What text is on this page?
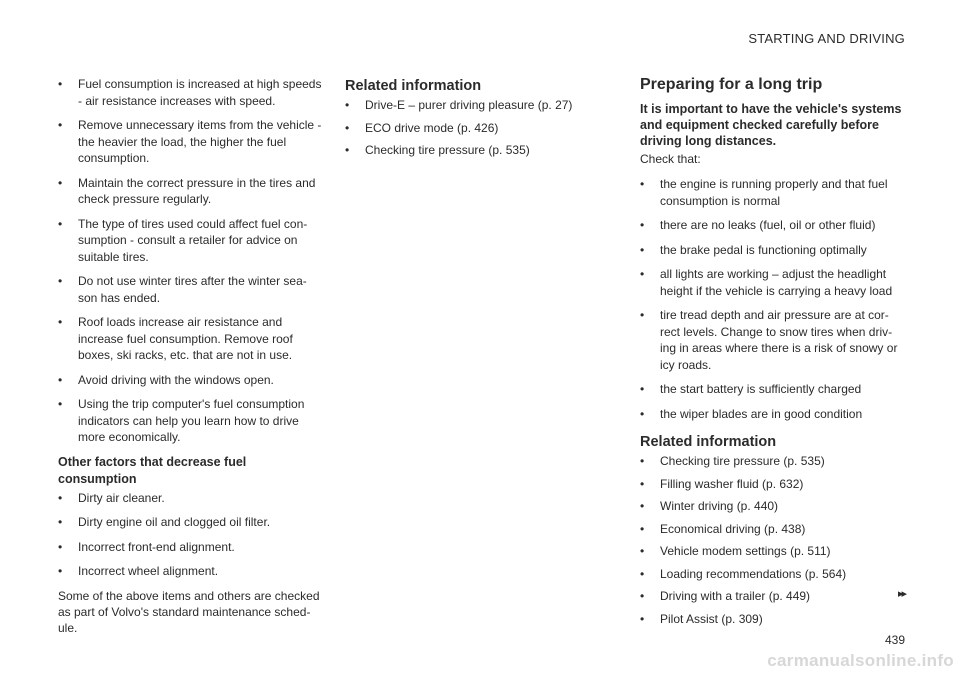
STARTING AND DRIVING
• Fuel consumption is increased at high speeds - air resistance increases with speed.
• Remove unnecessary items from the vehicle - the heavier the load, the higher the fuel consumption.
• Maintain the correct pressure in the tires and check pressure regularly.
• The type of tires used could affect fuel con-sumption - consult a retailer for advice on suitable tires.
• Do not use winter tires after the winter sea-son has ended.
• Roof loads increase air resistance and increase fuel consumption. Remove roof boxes, ski racks, etc. that are not in use.
• Avoid driving with the windows open.
• Using the trip computer's fuel consumption indicators can help you learn how to drive more economically.
Other factors that decrease fuel consumption
• Dirty air cleaner.
• Dirty engine oil and clogged oil filter.
• Incorrect front-end alignment.
• Incorrect wheel alignment.

Some of the above items and others are checked as part of Volvo's standard maintenance sched-ule.

Related information
• Drive-E – purer driving pleasure (p. 27)
• ECO drive mode (p. 426)
• Checking tire pressure (p. 535)
Preparing for a long trip

It is important to have the vehicle's systems and equipment checked carefully before driving long distances.

Check that:

• the engine is running properly and that fuel consumption is normal
• there are no leaks (fuel, oil or other fluid)
• the brake pedal is functioning optimally
• all lights are working – adjust the headlight height if the vehicle is carrying a heavy load
• tire tread depth and air pressure are at cor-rect levels. Change to snow tires when driv-ing in areas where there is a risk of snowy or icy roads.
• the start battery is sufficiently charged
• the wiper blades are in good condition
Related information
• Checking tire pressure (p. 535)
• Filling washer fluid (p. 632)
• Winter driving (p. 440)
• Economical driving (p. 438)
• Vehicle modem settings (p. 511)
• Loading recommendations (p. 564)
• Driving with a trailer (p. 449)
• Pilot Assist (p. 309)
▸▸
439
carmanualsonline.info
